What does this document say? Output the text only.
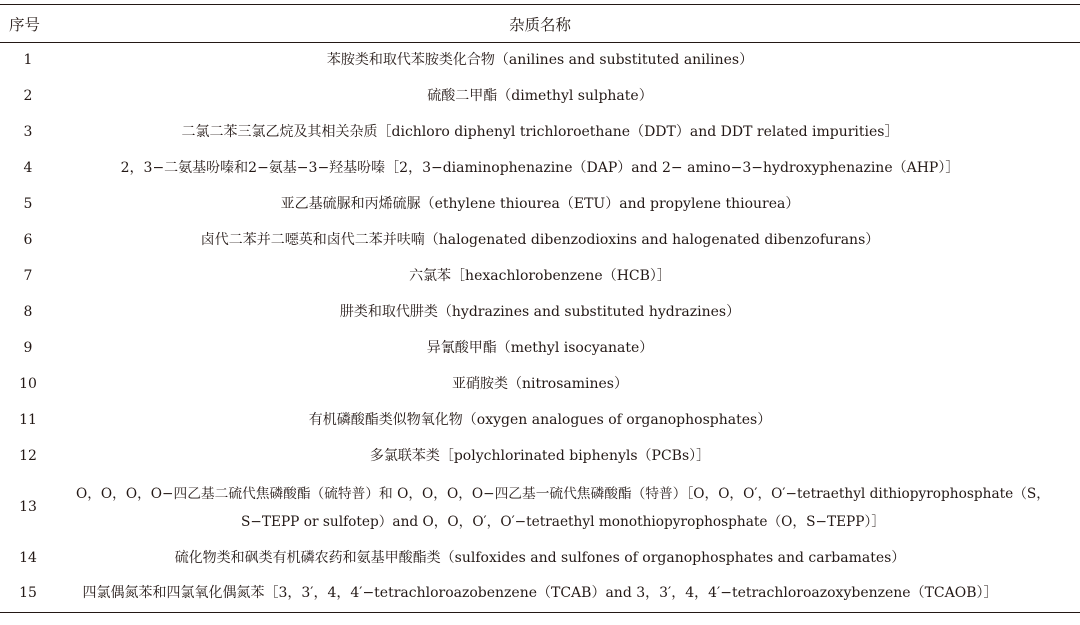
序号	杂质名称
1	苯胺类和取代苯胺类化合物（anilines and substituted anilines）
2	硫酸二甲酯（dimethyl sulphate）
3	二氯二苯三氯乙烷及其相关杂质［dichloro diphenyl trichloroethane（DDT）and DDT related impurities］
4	2，3−二氨基吩嗪和2−氨基−3−羟基吩嗪［2，3−diaminophenazine（DAP）and 2− amino−3−hydroxyphenazine（AHP）］
5	亚乙基硫脲和丙烯硫脲（ethylene thiourea（ETU）and propylene thiourea）
6	卤代二苯并二噁英和卤代二苯并呋喃（halogenated dibenzodioxins and halogenated dibenzofurans）
7	六氯苯［hexachlorobenzene（HCB）］
8	肼类和取代肼类（hydrazines and substituted hydrazines）
9	异氰酸甲酯（methyl isocyanate）
10	亚硝胺类（nitrosamines）
11	有机磷酸酯类似物氧化物（oxygen analogues of organophosphates）
12	多氯联苯类［polychlorinated biphenyls（PCBs）］
13	O，O，O，O−四乙基二硫代焦磷酸酯（硫特普）和 O，O，O，O−四乙基一硫代焦磷酸酯（特普）［O，O，O′，O′−tetraethyl dithiopyrophosphate（S，S−TEPP or sulfotep）and O，O，O′，O′−tetraethyl monothiopyrophosphate（O，S−TEPP）］
14	硫化物类和砜类有机磷农药和氨基甲酸酯类（sulfoxides and sulfones of organophosphates and carbamates）
15	四氯偶氮苯和四氯氧化偶氮苯［3，3′，4，4′−tetrachloroazobenzene（TCAB）and 3，3′，4，4′−tetrachloroazoxybenzene（TCAOB）］
